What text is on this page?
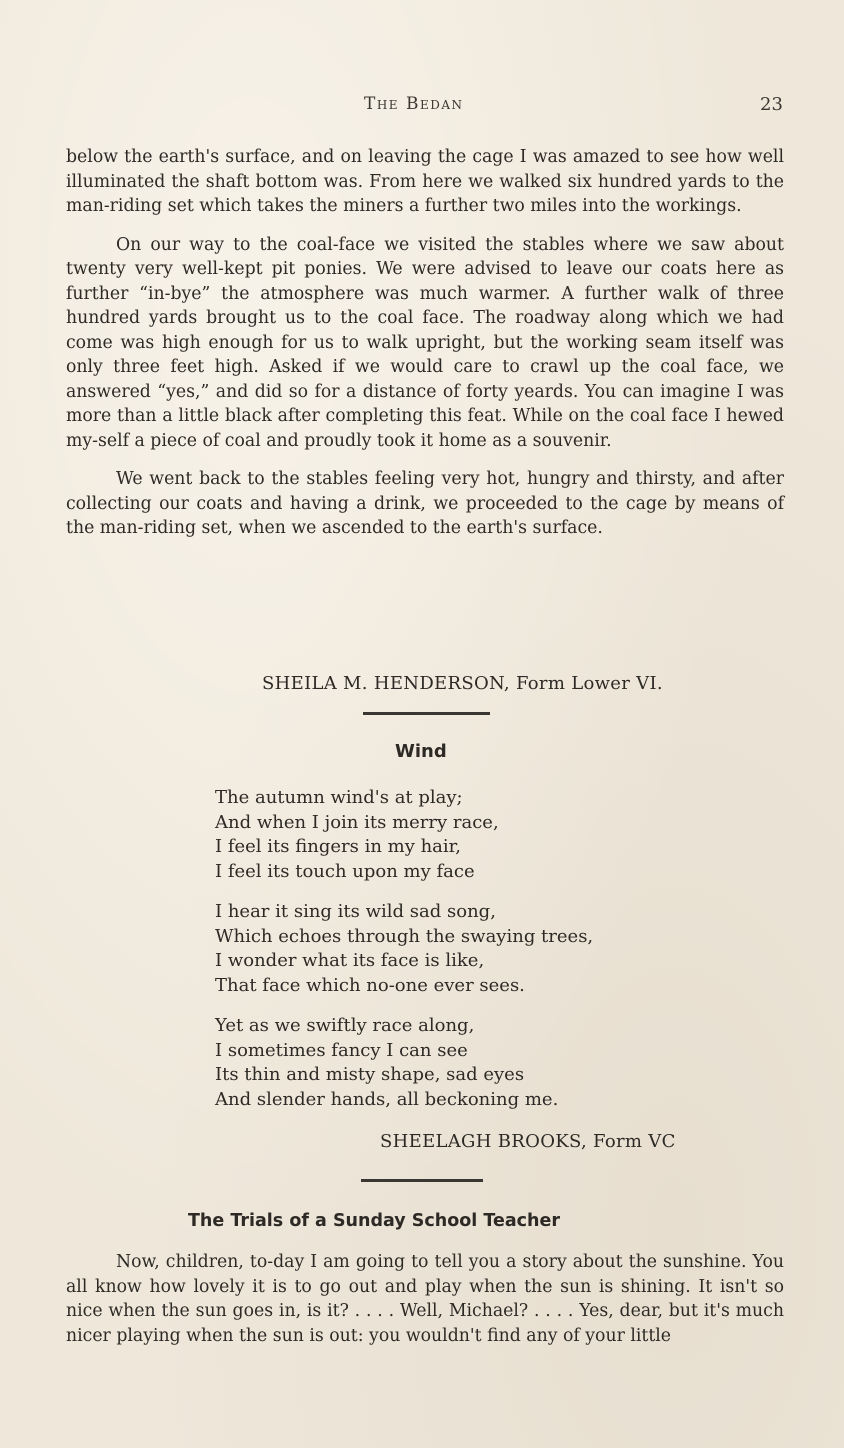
The Bedan	23

below the earth's surface, and on leaving the cage I was amazed to see how well illuminated the shaft bottom was. From here we walked six hundred yards to the man-riding set which takes the miners a further two miles into the workings.

On our way to the coal-face we visited the stables where we saw about twenty very well-kept pit ponies. We were advised to leave our coats here as further “in-bye” the atmosphere was much warmer. A further walk of three hundred yards brought us to the coal face. The roadway along which we had come was high enough for us to walk upright, but the working seam itself was only three feet high. Asked if we would care to crawl up the coal face, we answered “yes,” and did so for a distance of forty yeards. You can imagine I was more than a little black after completing this feat. While on the coal face I hewed my-self a piece of coal and proudly took it home as a souvenir.

We went back to the stables feeling very hot, hungry and thirsty, and after collecting our coats and having a drink, we proceeded to the cage by means of the man-riding set, when we ascended to the earth's surface.

SHEILA M. HENDERSON, Form Lower VI.
Wind
The autumn wind's at play;
And when I join its merry race,
I feel its fingers in my hair,
I feel its touch upon my face
I hear it sing its wild sad song,
Which echoes through the swaying trees,
I wonder what its face is like,
That face which no-one ever sees.
Yet as we swiftly race along,
I sometimes fancy I can see
Its thin and misty shape, sad eyes
And slender hands, all beckoning me.
SHEELAGH BROOKS, Form VC
The Trials of a Sunday School Teacher

Now, children, to-day I am going to tell you a story about the sunshine. You all know how lovely it is to go out and play when the sun is shining. It isn't so nice when the sun goes in, is it? . . . . Well, Michael? . . . . Yes, dear, but it's much nicer playing when the sun is out: you wouldn't find any of your little
